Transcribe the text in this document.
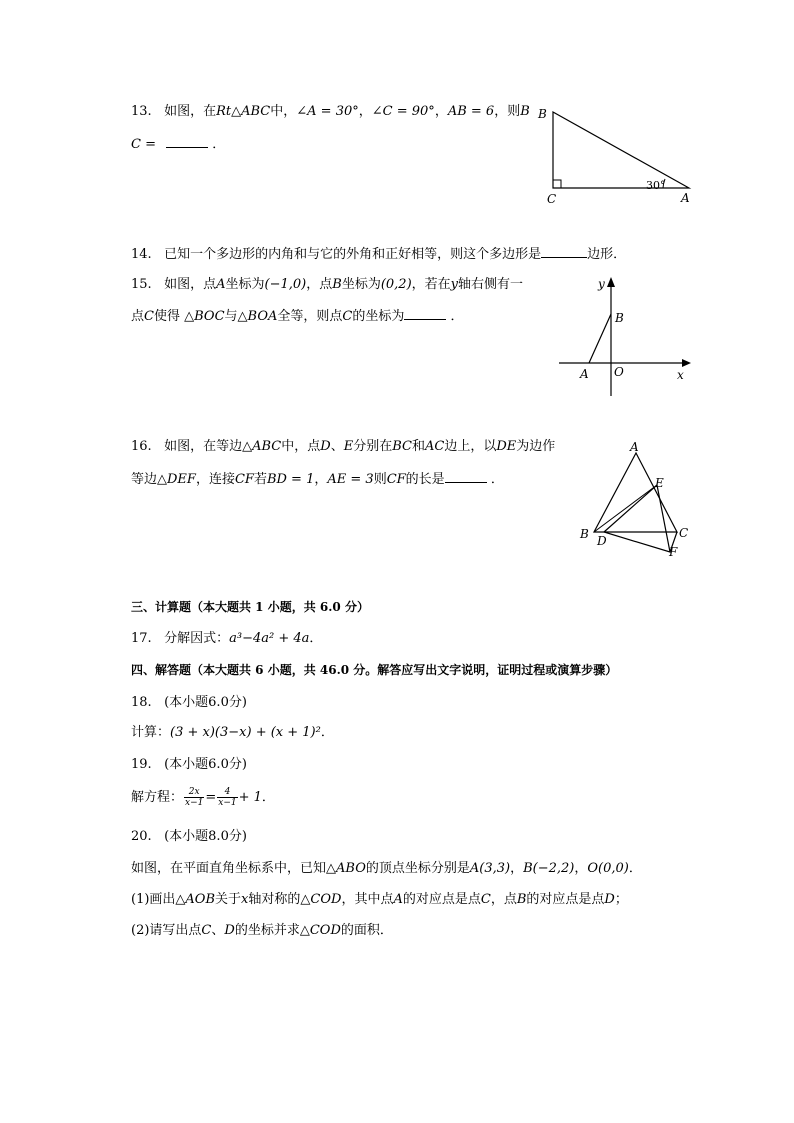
13. 如图，在Rt△ABC中，∠A = 30°，∠C = 90°，AB = 6，则B
C =	．
B
C	A
30°
14. 已知一个多边形的内角和与它的外角和正好相等，则这个多边形是	边形．
15. 如图，点A坐标为(−1,0)，点B坐标为(0,2)，若在y轴右侧有一
点C使得 △BOC与△BOA全等，则点C的坐标为	．
y
B
A O	x
16. 如图，在等边△ABC中，点D、E分别在BC和AC边上，以DE为边作
等边△DEF，连接CF若BD = 1，AE = 3则CF的长是	．
A
E
B D
C
F
三、计算题（本大题共 1 小题，共 6.0 分）
17. 分解因式：a³−4a² + 4a．
四、解答题（本大题共 6 小题，共 46.0 分。解答应写出文字说明，证明过程或演算步骤）
18. (本小题6.0分)
计算：(3 + x)(3−x) + (x + 1)²．
19. (本小题6.0分)
解方程： $\frac{2x}{x-1} = \frac{4}{x-1} + 1$．
20. (本小题8.0分)
如图，在平面直角坐标系中，已知△ABO的顶点坐标分别是A(3,3)，B(−2,2)，O(0,0)．
(1)画出△AOB关于x轴对称的△COD，其中点A的对应点是点C，点B的对应点是点D；
(2)请写出点C、D的坐标并求△COD的面积．
